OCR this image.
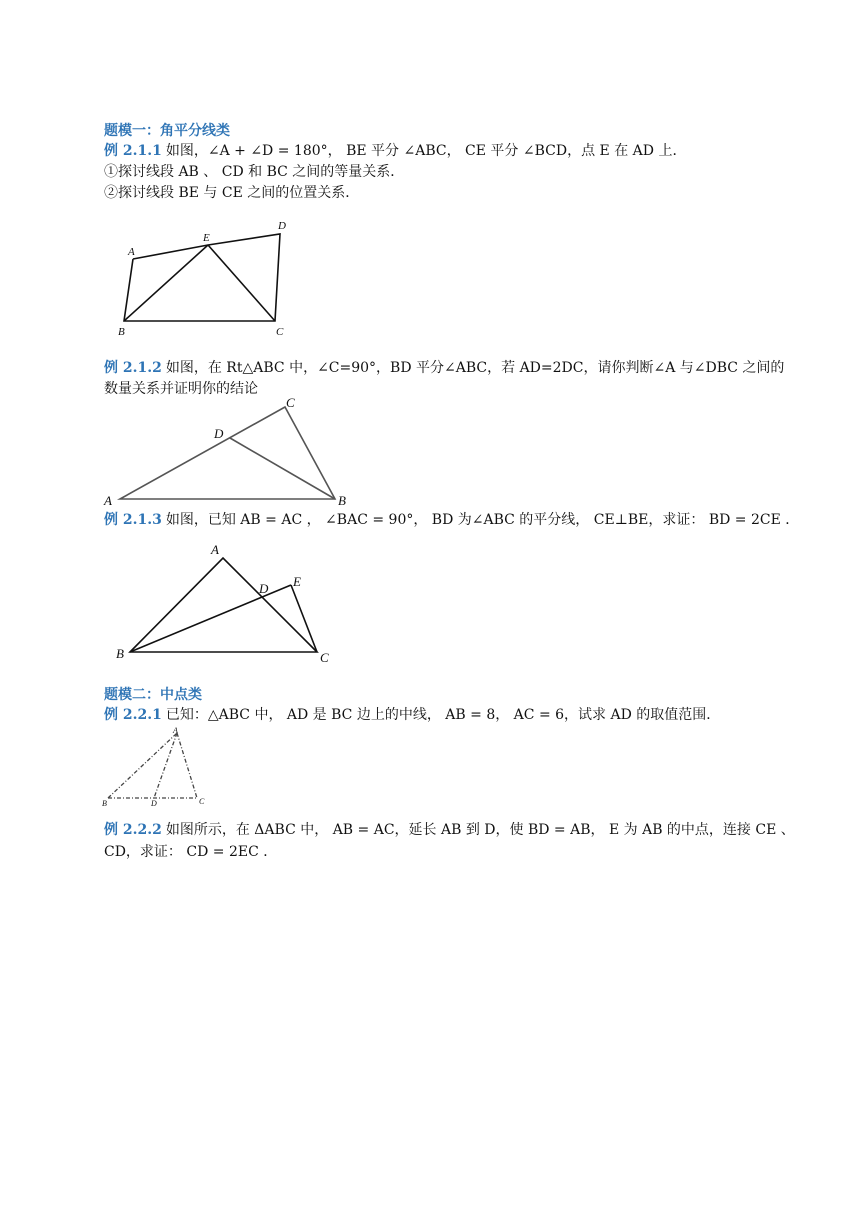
题模一：角平分线类
例 2.1.1 如图，∠A + ∠D = 180°， BE 平分 ∠ABC， CE 平分 ∠BCD，点 E 在 AD 上．
①探讨线段 AB 、 CD 和 BC 之间的等量关系．
②探讨线段 BE 与 CE 之间的位置关系．
A
E
D
B	C
例 2.1.2 如图，在 Rt△ABC 中，∠C=90°，BD 平分∠ABC，若 AD=2DC，请你判断∠A 与∠DBC 之间的
数量关系并证明你的结论
A
C
D
B
例 2.1.3 如图，已知 AB = AC ， ∠BAC = 90°， BD 为∠ABC 的平分线， CE⊥BE，求证： BD = 2CE ．
A
D E
B	C
题模二：中点类
例 2.2.1 已知：△ABC 中， AD 是 BC 边上的中线， AB = 8， AC = 6，试求 AD 的取值范围．
A
B	D	C
例 2.2.2 如图所示，在 ΔABC 中， AB = AC，延长 AB 到 D，使 BD = AB， E 为 AB 的中点，连接 CE 、
CD，求证： CD = 2EC ．
